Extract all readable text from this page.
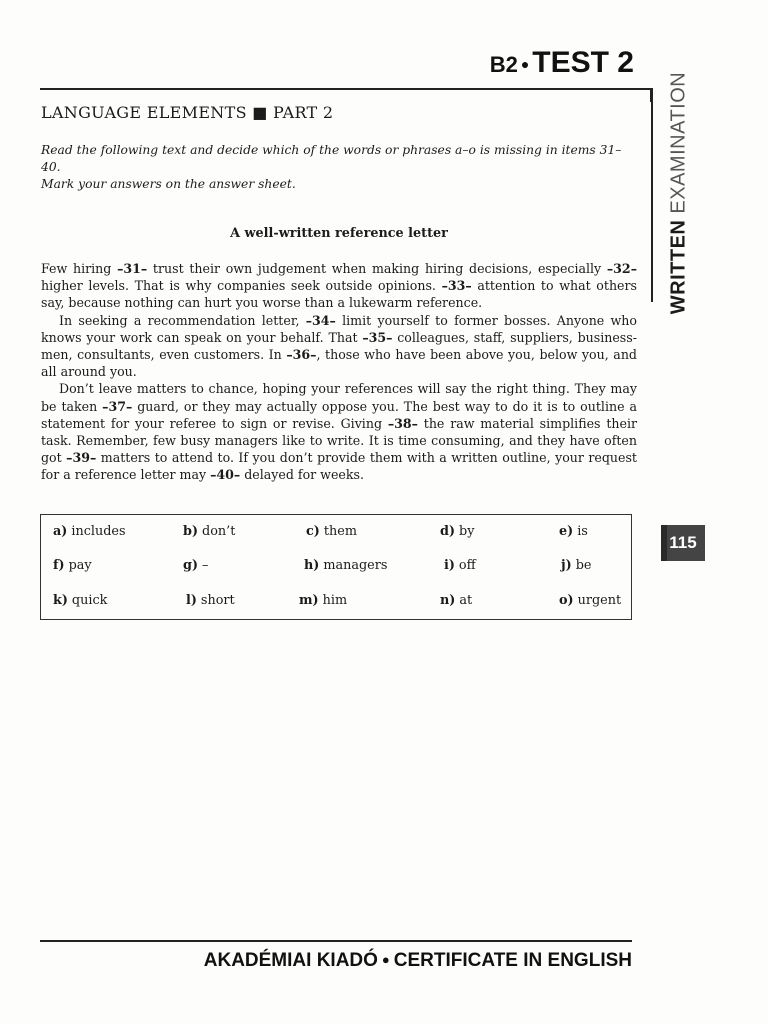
B2 ● TEST 2
WRITTEN EXAMINATION
LANGUAGE ELEMENTS ■ PART 2
Read the following text and decide which of the words or phrases a–o is missing in items 31–40.
Mark your answers on the answer sheet.
A well-written reference letter

Few hiring –31– trust their own judgement when making hiring decisions, especially –32– higher levels. That is why companies seek outside opinions. –33– attention to what others say, because nothing can hurt you worse than a lukewarm reference.

In seeking a recommendation letter, –34– limit yourself to former bosses. Anyone who knows your work can speak on your behalf. That –35– colleagues, staff, suppliers, business-men, consultants, even customers. In –36–, those who have been above you, below you, and all around you.

Don’t leave matters to chance, hoping your references will say the right thing. They may be taken –37– guard, or they may actually oppose you. The best way to do it is to outline a statement for your referee to sign or revise. Giving –38– the raw material simplifies their task. Remember, few busy managers like to write. It is time consuming, and they have often got –39– matters to attend to. If you don’t provide them with a written outline, your request for a reference letter may –40– delayed for weeks.

a) includes	b) don’t	c) them	d) by	e) is
f) pay	g) –	h) managers	i) off	j) be
k) quick	l) short	m) him	n) at	o) urgent
115
AKADÉMIAI KIADÓ ● CERTIFICATE IN ENGLISH
